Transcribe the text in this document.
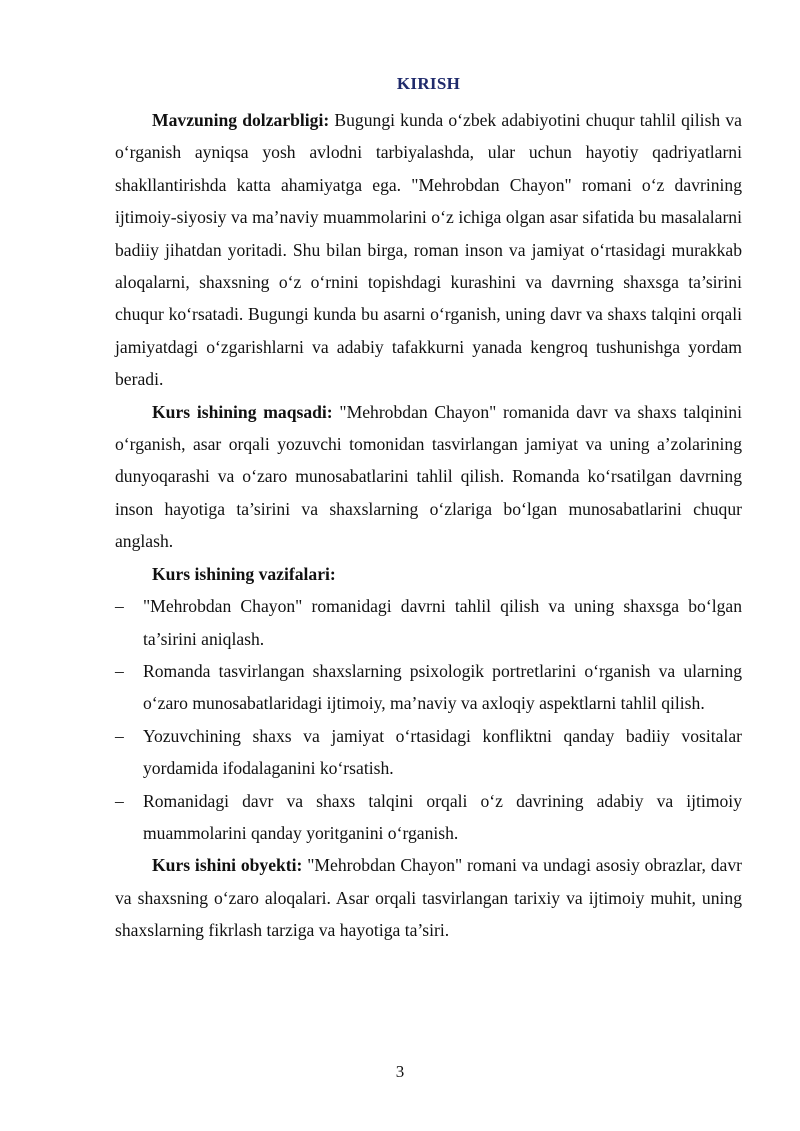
KIRISH

Mavzuning dolzarbligi: Bugungi kunda o‘zbek adabiyotini chuqur tahlil qilish va o‘rganish ayniqsa yosh avlodni tarbiyalashda, ular uchun hayotiy qadriyatlarni shakllantirishda katta ahamiyatga ega. "Mehrobdan Chayon" romani o‘z davrining ijtimoiy-siyosiy va ma’naviy muammolarini o‘z ichiga olgan asar sifatida bu masalalarni badiiy jihatdan yoritadi. Shu bilan birga, roman inson va jamiyat o‘rtasidagi murakkab aloqalarni, shaxsning o‘z o‘rnini topishdagi kurashini va davrning shaxsga ta’sirini chuqur ko‘rsatadi. Bugungi kunda bu asarni o‘rganish, uning davr va shaxs talqini orqali jamiyatdagi o‘zgarishlarni va adabiy tafakkurni yanada kengroq tushunishga yordam beradi.

Kurs ishining maqsadi: "Mehrobdan Chayon" romanida davr va shaxs talqinini o‘rganish, asar orqali yozuvchi tomonidan tasvirlangan jamiyat va uning a’zolarining dunyoqarashi va o‘zaro munosabatlarini tahlil qilish. Romanda ko‘rsatilgan davrning inson hayotiga ta’sirini va shaxslarning o‘zlariga bo‘lgan munosabatlarini chuqur anglash.

Kurs ishining vazifalari:

–	"Mehrobdan Chayon" romanidagi davrni tahlil qilish va uning shaxsga bo‘lgan ta’sirini aniqlash.
–	Romanda tasvirlangan shaxslarning psixologik portretlarini o‘rganish va ularning o‘zaro munosabatlaridagi ijtimoiy, ma’naviy va axloqiy aspektlarni tahlil qilish.
–	Yozuvchining shaxs va jamiyat o‘rtasidagi konfliktni qanday badiiy vositalar yordamida ifodalaganini ko‘rsatish.
–	Romanidagi davr va shaxs talqini orqali o‘z davrining adabiy va ijtimoiy muammolarini qanday yoritganini o‘rganish.

Kurs ishini obyekti: "Mehrobdan Chayon" romani va undagi asosiy obrazlar, davr va shaxsning o‘zaro aloqalari. Asar orqali tasvirlangan tarixiy va ijtimoiy muhit, uning shaxslarning fikrlash tarziga va hayotiga ta’siri.

3
